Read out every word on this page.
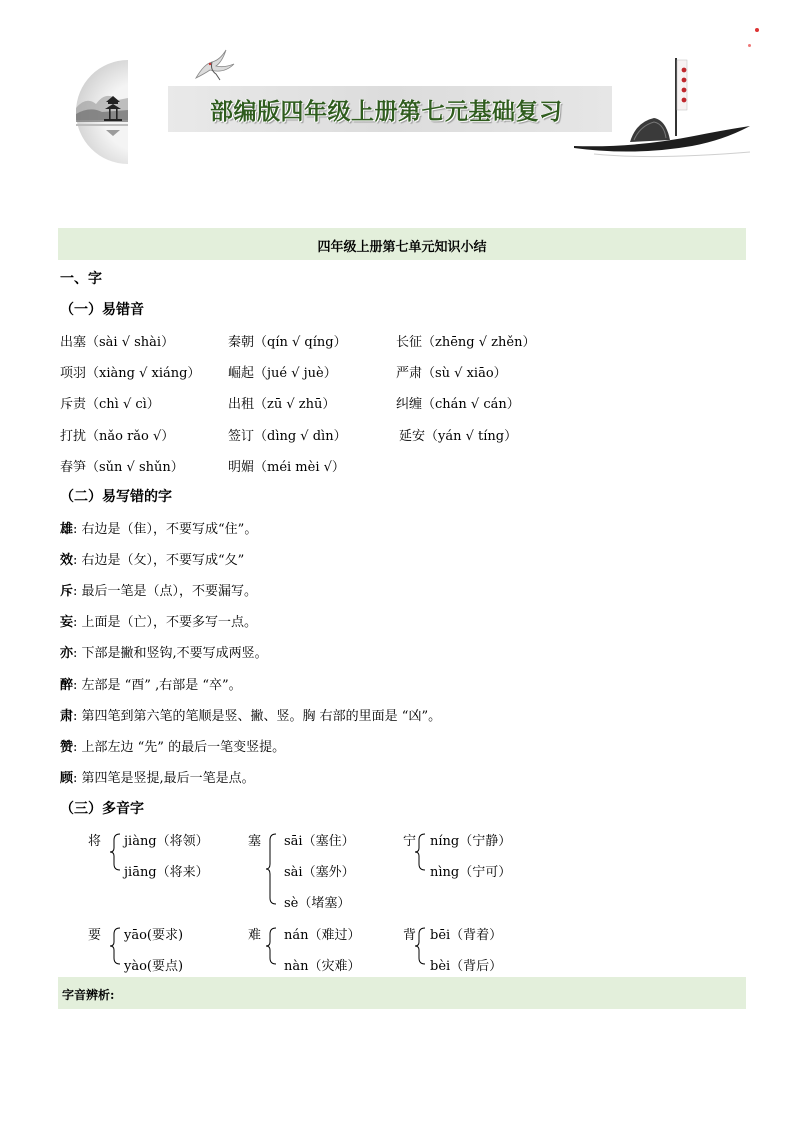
部编版四年级上册第七元基础复习
四年级上册第七单元知识小结
一、字
（一）易错音
出塞（sài √ shài）	秦朝（qín √ qíng）	长征（zhēng √ zhěn）
项羽（xiàng √ xiáng） 崛起（jué √ juè）	严肃（sù √ xiāo）
斥责（chì √ cì）	出租（zū √ zhū）	纠缠（chán √ cán）
打扰（nǎo rǎo √）	签订（dìng √ dìn）	延安（yán √ tíng）
春笋（sǔn √ shǔn）	明媚（méi mèi √）
（二）易写错的字
雄: 右边是（隹），不要写成“住”。
效: 右边是（攵），不要写成“夂”
斥: 最后一笔是（点），不要漏写。
妄: 上面是（亡），不要多写一点。
亦: 下部是撇和竖钩,不要写成两竖。
醉: 左部是 “酉” ,右部是 “卒”。
肃: 第四笔到第六笔的笔顺是竖、撇、竖。胸 右部的里面是 “凶”。
赞: 上部左边 “先” 的最后一笔变竖提。
顾: 第四笔是竖提,最后一笔是点。
（三）多音字
将 jiàng（将领）
jiāng（将来）
塞 sāi（塞住）
sài（塞外）
sè（堵塞）
宁 níng（宁静）
nìng（宁可）
要 yāo(要求)
yào(要点)
难 nán（难过）
nàn（灾难）
背 bēi（背着）
bèi（背后）
字音辨析:
